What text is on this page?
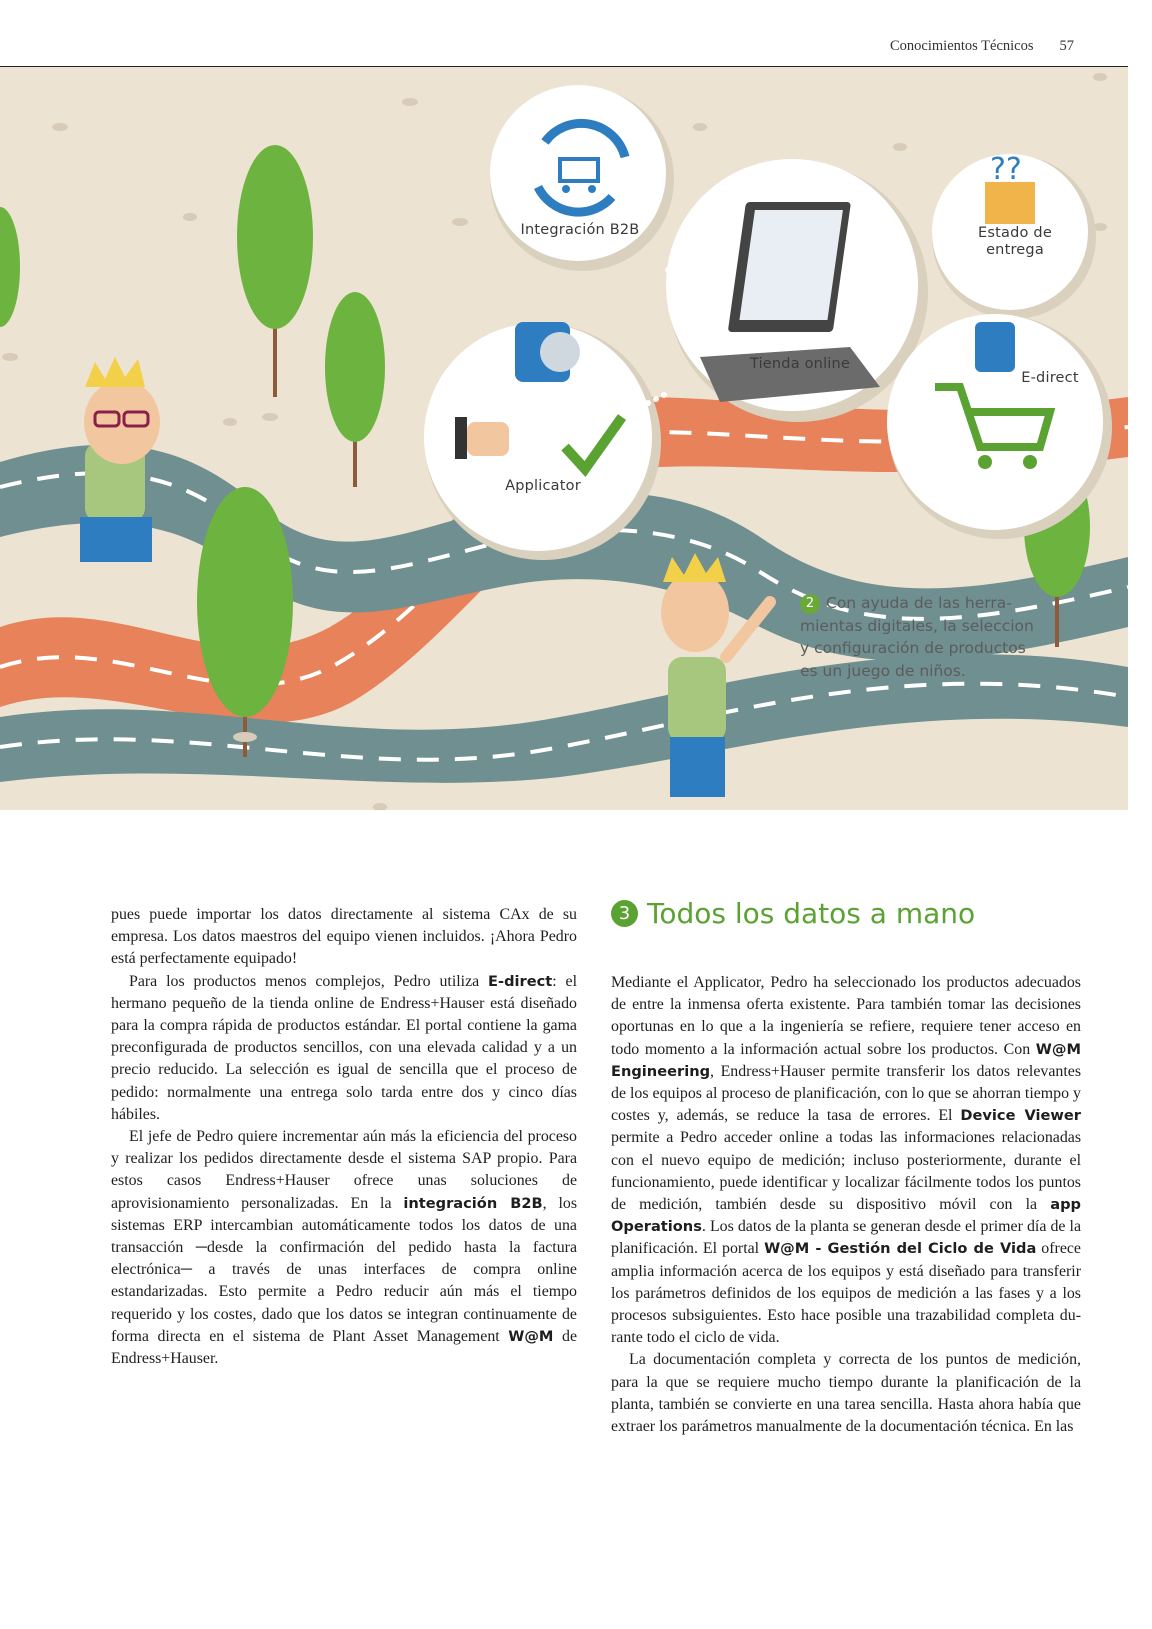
Conocimientos Técnicos 57
??
Integración B2B	Estado de
entrega
Tienda online
E-direct
Applicator
2 Con ayuda de las herra-
mientas digitales, la seleccion
y configuración de productos
es un juego de niños.

pues puede importar los datos directamente al sistema CAx de su empresa. Los datos maestros del equipo vienen incluidos. ¡Ahora Pedro está perfectamente equipado!

Para los productos menos complejos, Pedro utiliza E-direct: el hermano pequeño de la tienda online de Endress+Hauser está diseñado para la compra rápida de productos estándar. El portal contiene la gama preconfigurada de productos sencillos, con una elevada calidad y a un precio reducido. La selección es igual de sencilla que el proceso de pedido: normalmente una entrega solo tarda entre dos y cinco días hábiles.

El jefe de Pedro quiere incrementar aún más la eficiencia del proceso y realizar los pedidos directamente desde el sistema SAP propio. Para estos casos Endress+Hauser ofrece unas soluciones de aprovisionamiento personalizadas. En la integración B2B, los sistemas ERP intercambian automáticamente todos los datos de una transacción ─desde la confirmación del pedido hasta la factura electrónica─ a través de unas interfaces de compra online estandarizadas. Esto permite a Pedro reducir aún más el tiempo requerido y los costes, dado que los datos se integran continuamente de forma directa en el sistema de Plant Asset Management W@M de Endress+Hauser.

3 Todos los datos a mano

Mediante el Applicator, Pedro ha seleccionado los productos adecuados de entre la inmensa oferta existente. Para también tomar las decisiones oportunas en lo que a la ingeniería se refiere, requiere tener acceso en todo momento a la información actual sobre los productos. Con W@M Engineering, Endress+Hauser permite transferir los datos relevantes de los equipos al proceso de planificación, con lo que se ahorran tiempo y costes y, además, se reduce la tasa de errores. El Device Viewer permite a Pedro acceder online a todas las informaciones relacionadas con el nuevo equipo de medición; incluso posteriormente, durante el funcionamiento, puede identificar y localizar fácilmente todos los puntos de medición, también desde su dispositivo móvil con la app Operations. Los datos de la planta se generan desde el primer día de la planificación. El portal W@M - Gestión del Ciclo de Vida ofrece amplia información acerca de los equipos y está diseñado para transferir los parámetros definidos de los equipos de medición a las fases y a los procesos subsiguientes. Esto hace posible una trazabilidad completa durante todo el ciclo de vida.

La documentación completa y correcta de los puntos de medición, para la que se requiere mucho tiempo durante la planificación de la planta, también se convierte en una tarea sencilla. Hasta ahora había que extraer los parámetros manualmente de la documentación técnica. En las
